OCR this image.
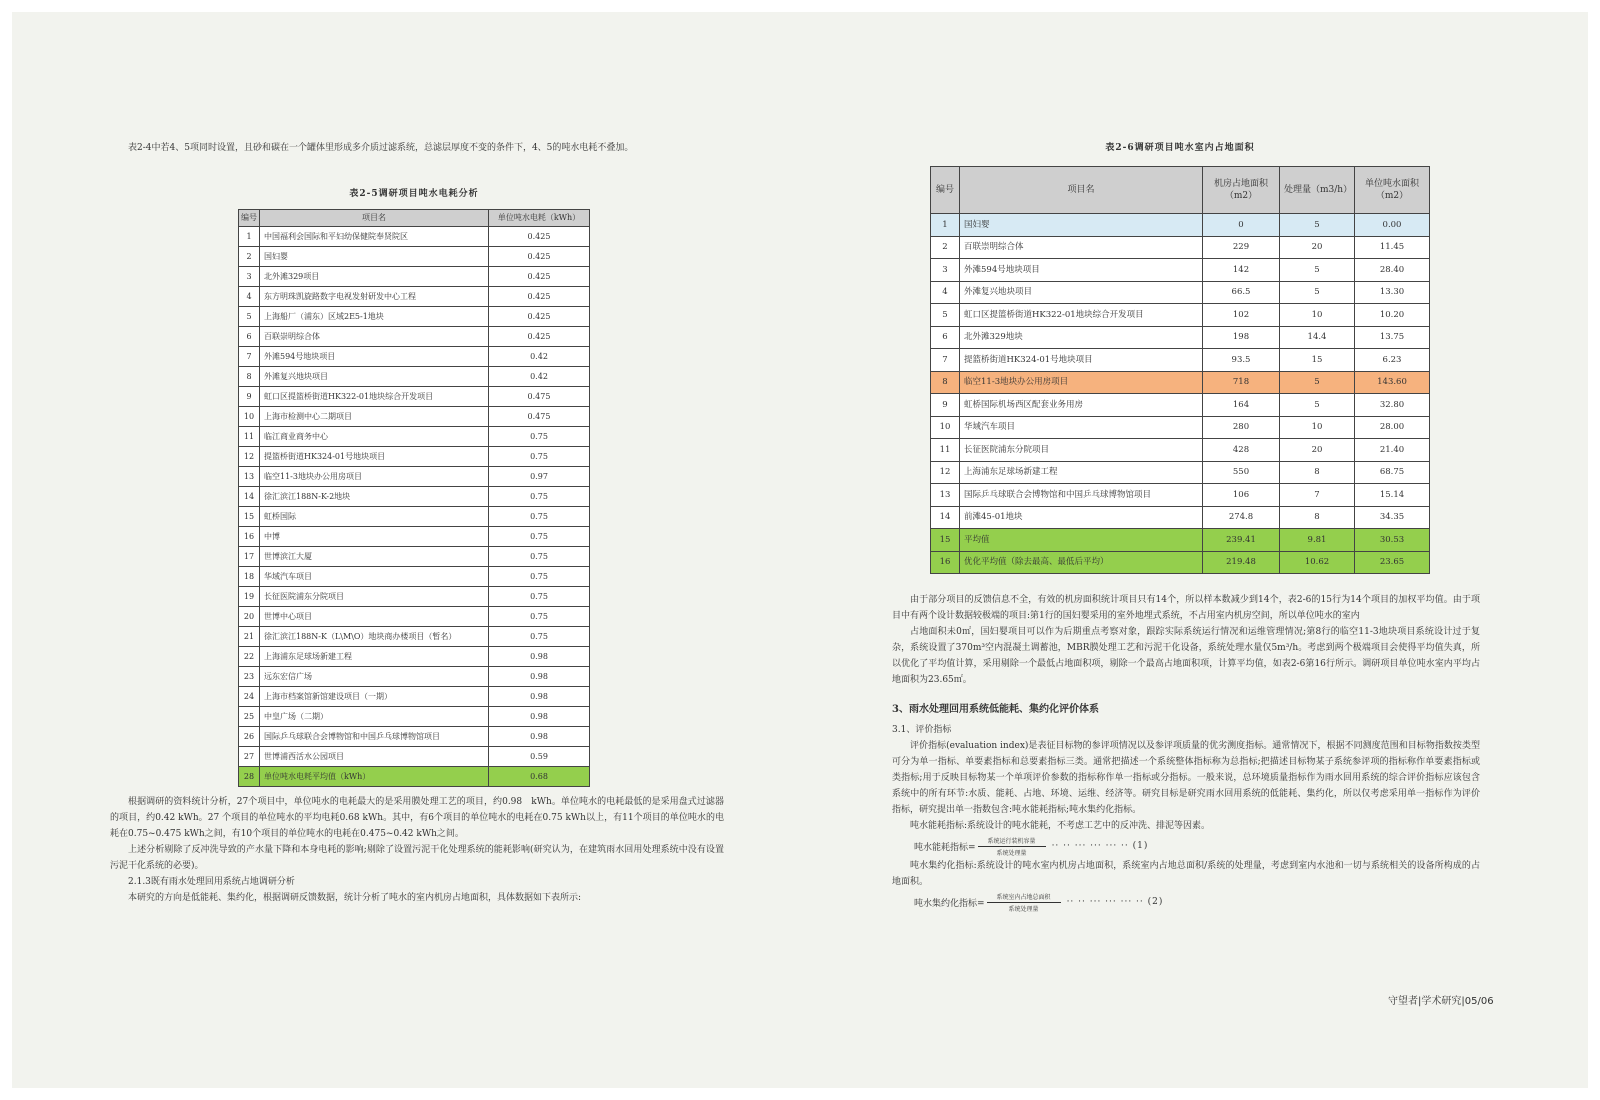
表2-4中若4、5项同时设置，且砂和碳在一个罐体里形成多介质过滤系统，总滤层厚度不变的条件下，4、5的吨水电耗不叠加。

表2-5调研项目吨水电耗分析
编号	项目名	单位吨水电耗（kWh）
1	中国福利会国际和平妇幼保健院奉贤院区	0.425
2	国妇婴	0.425
3	北外滩329项目	0.425
4	东方明珠凯旋路数字电视发射研发中心工程	0.425
5	上海船厂（浦东）区域2E5-1地块	0.425
6	百联崇明综合体	0.425
7	外滩594号地块项目	0.42
8	外滩复兴地块项目	0.42
9	虹口区提篮桥街道HK322-01地块综合开发项目	0.475
10	上海市检测中心二期项目	0.475
11	临江商业商务中心	0.75
12	提篮桥街道HK324-01号地块项目	0.75
13	临空11-3地块办公用房项目	0.97
14	徐汇滨江188N-K-2地块	0.75
15	虹桥国际	0.75
16	中博	0.75
17	世博滨江大厦	0.75
18	华域汽车项目	0.75
19	长征医院浦东分院项目	0.75
20	世博中心项目	0.75
21	徐汇滨江188N-K（L\M\O）地块商办楼项目（暂名）	0.75
22	上海浦东足球场新建工程	0.98
23	远东宏信广场	0.98
24	上海市档案馆新馆建设项目（一期）	0.98
25	中皇广场（二期）	0.98
26	国际乒乓球联合会博物馆和中国乒乓球博物馆项目	0.98
27	世博浦西活水公园项目	0.59
28	单位吨水电耗平均值（kWh）	0.68

根据调研的资料统计分析，27个项目中，单位吨水的电耗最大的是采用膜处理工艺的项目，约0.98　kWh。单位吨水的电耗最低的是采用盘式过滤器的项目，约0.42 kWh。27 个项目的单位吨水的平均电耗0.68 kWh。其中，有6个项目的单位吨水的电耗在0.75 kWh以上，有11个项目的单位吨水的电耗在0.75~0.475 kWh之间，有10个项目的单位吨水的电耗在0.475~0.42 kWh之间。

上述分析剔除了反冲洗导致的产水量下降和本身电耗的影响;剔除了设置污泥干化处理系统的能耗影响(研究认为，在建筑雨水回用处理系统中没有设置污泥干化系统的必要)。

2.1.3既有雨水处理回用系统占地调研分析

本研究的方向是低能耗、集约化，根据调研反馈数据，统计分析了吨水的室内机房占地面积，具体数据如下表所示:

表2-6调研项目吨水室内占地面积
编号	项目名	机房占地面积（m2）	处理量（m3/h）	单位吨水面积（m2）
1	国妇婴	0	5	0.00
2	百联崇明综合体	229	20	11.45
3	外滩594号地块项目	142	5	28.40
4	外滩复兴地块项目	66.5	5	13.30
5	虹口区提篮桥街道HK322-01地块综合开发项目	102	10	10.20
6	北外滩329地块	198	14.4	13.75
7	提篮桥街道HK324-01号地块项目	93.5	15	6.23
8	临空11-3地块办公用房项目	718	5	143.60
9	虹桥国际机场西区配套业务用房	164	5	32.80
10	华域汽车项目	280	10	28.00
11	长征医院浦东分院项目	428	20	21.40
12	上海浦东足球场新建工程	550	8	68.75
13	国际乒乓球联合会博物馆和中国乒乓球博物馆项目	106	7	15.14
14	前滩45-01地块	274.8	8	34.35
15	平均值	239.41	9.81	30.53
16	优化平均值（除去最高、最低后平均）	219.48	10.62	23.65

由于部分项目的反馈信息不全，有效的机房面积统计项目只有14个，所以样本数减少到14个，表2-6的15行为14个项目的加权平均值。由于项目中有两个设计数据较极端的项目:第1行的国妇婴采用的室外地埋式系统，不占用室内机房空间，所以单位吨水的室内

占地面积未0㎡，国妇婴项目可以作为后期重点考察对象，跟踪实际系统运行情况和运维管理情况;第8行的临空11-3地块项目系统设计过于复杂，系统设置了370m³空内混凝土调蓄池，MBR膜处理工艺和污泥干化设备，系统处理水量仅5m³/h。考虑到两个极端项目会使得平均值失真，所以优化了平均值计算，采用剔除一个最低占地面积项，剔除一个最高占地面积项，计算平均值，如表2-6第16行所示。调研项目单位吨水室内平均占地面积为23.65㎡。

3、雨水处理回用系统低能耗、集约化评价体系

3.1、评价指标

评价指标(evaluation index)是表征目标物的参评项情况以及参评项质量的优劣测度指标。通常情况下，根据不同测度范围和目标物指数按类型可分为单一指标、单要素指标和总要素指标三类。通常把描述一个系统整体指标称为总指标;把描述目标物某子系统参评项的指标称作单要素指标或类指标;用于反映目标物某一个单项评价参数的指标称作单一指标或分指标。一般来说，总环境质量指标作为雨水回用系统的综合评价指标应该包含系统中的所有环节:水质、能耗、占地、环境、运维、经济等。研究目标是研究雨水回用系统的低能耗、集约化，所以仅考虑采用单一指标作为评价指标，研究提出单一指数包含:吨水能耗指标;吨水集约化指标。

吨水能耗指标:系统设计的吨水能耗，不考虑工艺中的反冲洗、排泥等因素。

吨水能耗指标= $\frac{\text{系统运行装机容量}}{\text{系统处理量}}$ ·· ·· ··· ··· ··· ·· (1)

吨水集约化指标:系统设计的吨水室内机房占地面积，系统室内占地总面积/系统的处理量，考虑到室内水池和一切与系统相关的设备所构成的占地面积。

吨水集约化指标= $\frac{\text{系统室内占地总面积}}{\text{系统处理量}}$ ·· ·· ··· ··· ··· ·· (2)
守望者|学术研究|05/06
